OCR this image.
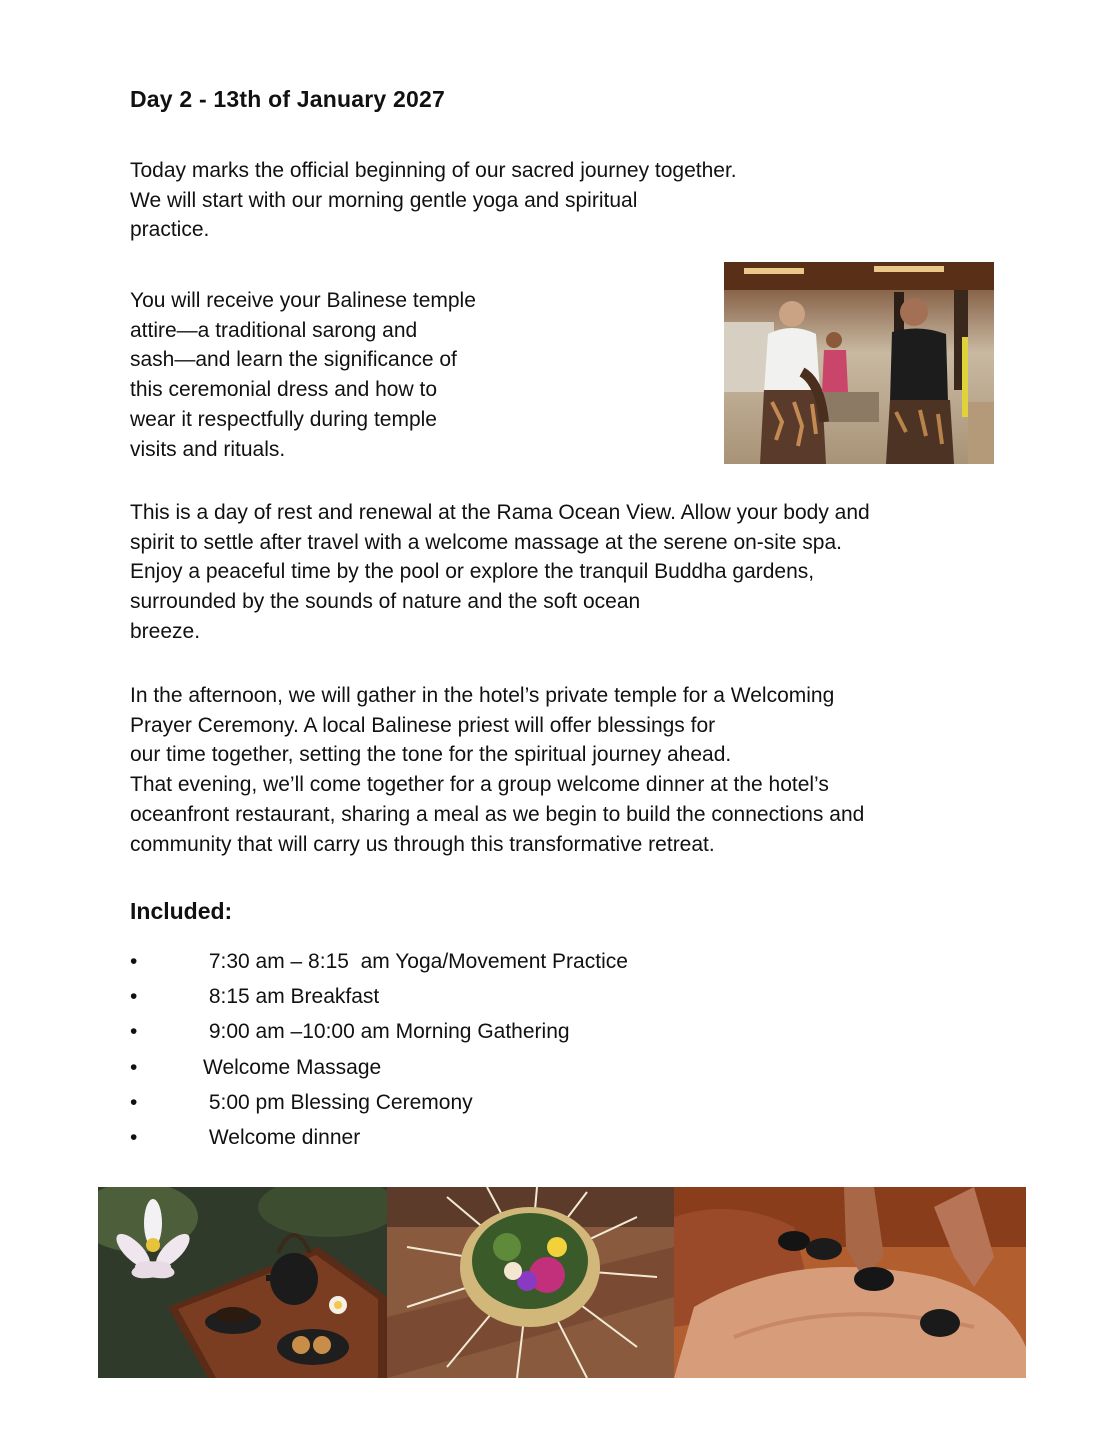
Day 2 - 13th of January 2027
Today marks the official beginning of our sacred journey together.
We will start with our morning gentle yoga and spiritual
practice.
You will receive your Balinese temple
attire—a traditional sarong and
sash—and learn the significance of
this ceremonial dress and how to
wear it respectfully during temple
visits and rituals.
This is a day of rest and renewal at the Rama Ocean View. Allow your body and
spirit to settle after travel with a welcome massage at the serene on-site spa.
Enjoy a peaceful time by the pool or explore the tranquil Buddha gardens,
surrounded by the sounds of nature and the soft ocean
breeze.
In the afternoon, we will gather in the hotel’s private temple for a Welcoming
Prayer Ceremony. A local Balinese priest will offer blessings for
our time together, setting the tone for the spiritual journey ahead.
That evening, we’ll come together for a group welcome dinner at the hotel’s
oceanfront restaurant, sharing a meal as we begin to build the connections and
community that will carry us through this transformative retreat.
Included:
•	7:30 am – 8:15  am Yoga/Movement Practice
•	8:15 am Breakfast
•	9:00 am –10:00 am Morning Gathering
•	Welcome Massage
•	5:00 pm Blessing Ceremony
•	Welcome dinner
